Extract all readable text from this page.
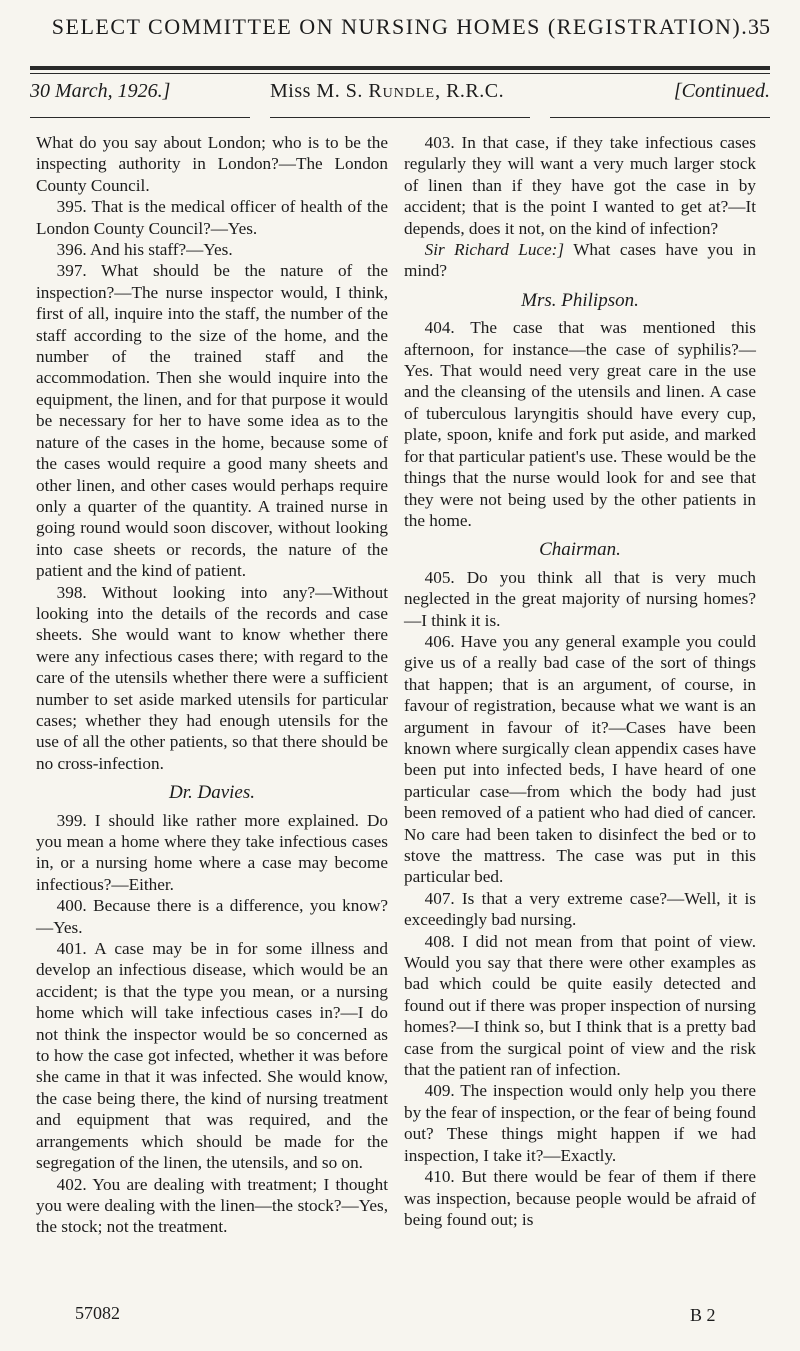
SELECT COMMITTEE ON NURSING HOMES (REGISTRATION). 35
30 March, 1926.]	Miss M. S. Rundle, R.R.C.	[Continued.

What do you say about London; who is to be the inspecting authority in London?—The London County Council.

395. That is the medical officer of health of the London County Council?—Yes.

396. And his staff?—Yes.

397. What should be the nature of the inspection?—The nurse inspector would, I think, first of all, inquire into the staff, the number of the staff according to the size of the home, and the number of the trained staff and the accommodation. Then she would inquire into the equipment, the linen, and for that purpose it would be necessary for her to have some idea as to the nature of the cases in the home, because some of the cases would require a good many sheets and other linen, and other cases would perhaps require only a quarter of the quantity. A trained nurse in going round would soon discover, without looking into case sheets or records, the nature of the patient and the kind of patient.

398. Without looking into any?—Without looking into the details of the records and case sheets. She would want to know whether there were any infectious cases there; with regard to the care of the utensils whether there were a sufficient number to set aside marked utensils for particular cases; whether they had enough utensils for the use of all the other patients, so that there should be no cross-infection.

Dr. Davies.

399. I should like rather more explained. Do you mean a home where they take infectious cases in, or a nursing home where a case may become infectious?—Either.

400. Because there is a difference, you know?—Yes.

401. A case may be in for some illness and develop an infectious disease, which would be an accident; is that the type you mean, or a nursing home which will take infectious cases in?—I do not think the inspector would be so concerned as to how the case got infected, whether it was before she came in that it was infected. She would know, the case being there, the kind of nursing treatment and equipment that was required, and the arrangements which should be made for the segregation of the linen, the utensils, and so on.

402. You are dealing with treatment; I thought you were dealing with the linen—the stock?—Yes, the stock; not the treatment.

403. In that case, if they take infectious cases regularly they will want a very much larger stock of linen than if they have got the case in by accident; that is the point I wanted to get at?—It depends, does it not, on the kind of infection?

Sir Richard Luce:] What cases have you in mind?

Mrs. Philipson.

404. The case that was mentioned this afternoon, for instance—the case of syphilis?—Yes. That would need very great care in the use and the cleansing of the utensils and linen. A case of tuberculous laryngitis should have every cup, plate, spoon, knife and fork put aside, and marked for that particular patient's use. These would be the things that the nurse would look for and see that they were not being used by the other patients in the home.

Chairman.

405. Do you think all that is very much neglected in the great majority of nursing homes?—I think it is.

406. Have you any general example you could give us of a really bad case of the sort of things that happen; that is an argument, of course, in favour of registration, because what we want is an argument in favour of it?—Cases have been known where surgically clean appendix cases have been put into infected beds, I have heard of one particular case—from which the body had just been removed of a patient who had died of cancer. No care had been taken to disinfect the bed or to stove the mattress. The case was put in this particular bed.

407. Is that a very extreme case?—Well, it is exceedingly bad nursing.

408. I did not mean from that point of view. Would you say that there were other examples as bad which could be quite easily detected and found out if there was proper inspection of nursing homes?—I think so, but I think that is a pretty bad case from the surgical point of view and the risk that the patient ran of infection.

409. The inspection would only help you there by the fear of inspection, or the fear of being found out? These things might happen if we had inspection, I take it?—Exactly.

410. But there would be fear of them if there was inspection, because people would be afraid of being found out; is

57082	B 2
